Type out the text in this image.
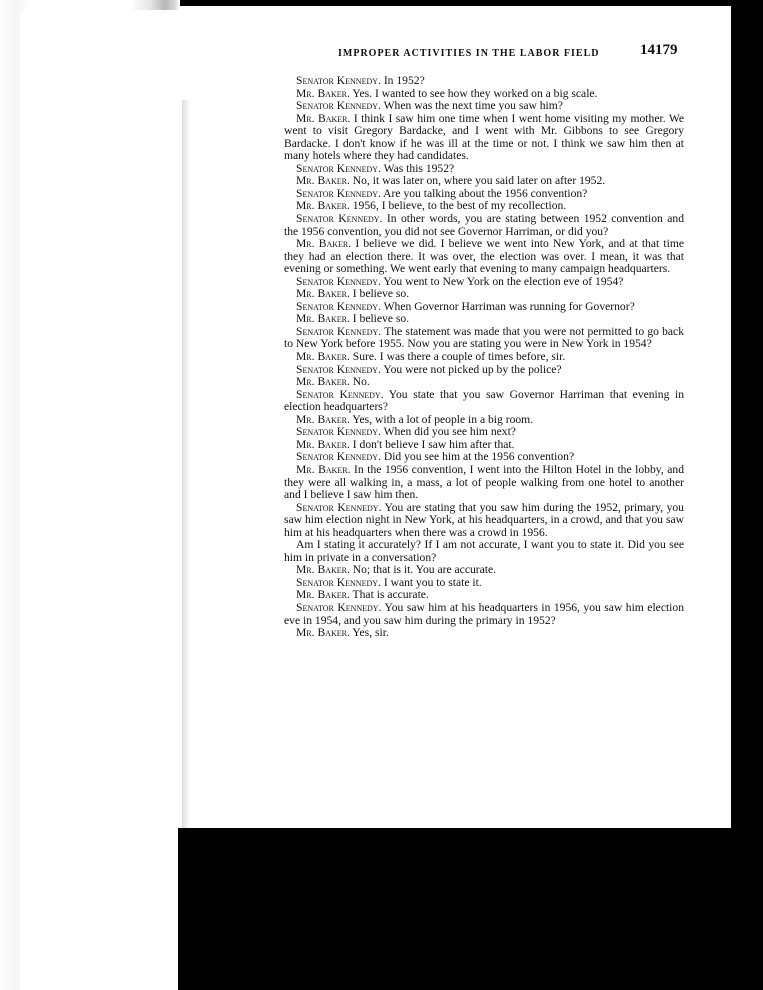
IMPROPER ACTIVITIES IN THE LABOR FIELD	14179

Senator Kennedy. In 1952?

Mr. Baker. Yes. I wanted to see how they worked on a big scale.

Senator Kennedy. When was the next time you saw him?

Mr. Baker. I think I saw him one time when I went home visiting my mother. We went to visit Gregory Bardacke, and I went with Mr. Gibbons to see Gregory Bardacke. I don't know if he was ill at the time or not. I think we saw him then at many hotels where they had candidates.

Senator Kennedy. Was this 1952?

Mr. Baker. No, it was later on, where you said later on after 1952.

Senator Kennedy. Are you talking about the 1956 convention?

Mr. Baker. 1956, I believe, to the best of my recollection.

Senator Kennedy. In other words, you are stating between 1952 convention and the 1956 convention, you did not see Governor Harriman, or did you?

Mr. Baker. I believe we did. I believe we went into New York, and at that time they had an election there. It was over, the election was over. I mean, it was that evening or something. We went early that evening to many campaign headquarters.

Senator Kennedy. You went to New York on the election eve of 1954?

Mr. Baker. I believe so.

Senator Kennedy. When Governor Harriman was running for Governor?

Mr. Baker. I believe so.

Senator Kennedy. The statement was made that you were not permitted to go back to New York before 1955. Now you are stating you were in New York in 1954?

Mr. Baker. Sure. I was there a couple of times before, sir.

Senator Kennedy. You were not picked up by the police?

Mr. Baker. No.

Senator Kennedy. You state that you saw Governor Harriman that evening in election headquarters?

Mr. Baker. Yes, with a lot of people in a big room.

Senator Kennedy. When did you see him next?

Mr. Baker. I don't believe I saw him after that.

Senator Kennedy. Did you see him at the 1956 convention?

Mr. Baker. In the 1956 convention, I went into the Hilton Hotel in the lobby, and they were all walking in, a mass, a lot of people walking from one hotel to another and I believe I saw him then.

Senator Kennedy. You are stating that you saw him during the 1952, primary, you saw him election night in New York, at his headquarters, in a crowd, and that you saw him at his headquarters when there was a crowd in 1956.

Am I stating it accurately? If I am not accurate, I want you to state it. Did you see him in private in a conversation?

Mr. Baker. No; that is it. You are accurate.

Senator Kennedy. I want you to state it.

Mr. Baker. That is accurate.

Senator Kennedy. You saw him at his headquarters in 1956, you saw him election eve in 1954, and you saw him during the primary in 1952?

Mr. Baker. Yes, sir.
